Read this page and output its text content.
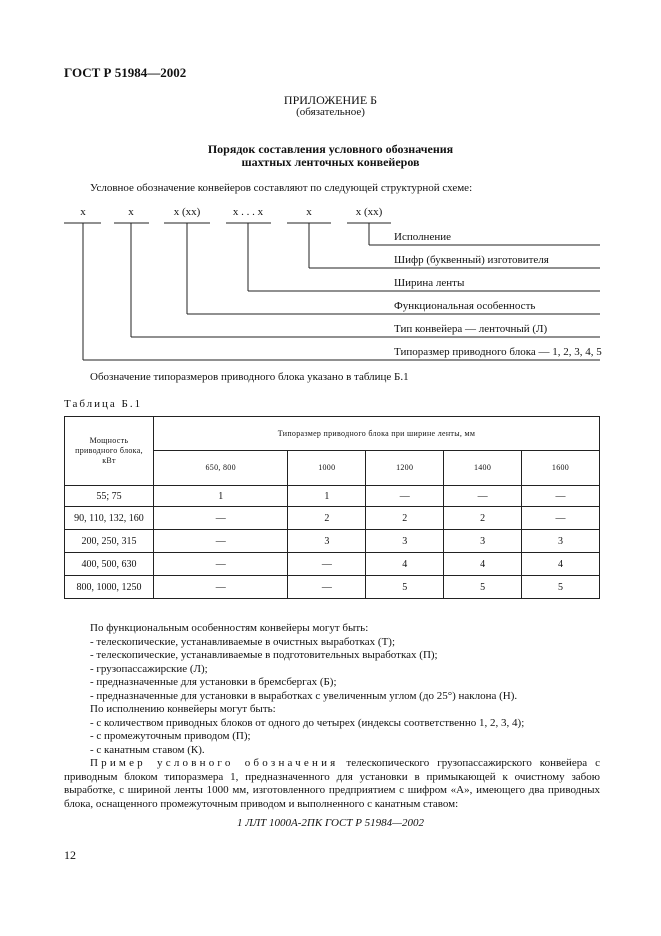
ГОСТ Р 51984—2002
ПРИЛОЖЕНИЕ Б
(обязательное)
Порядок составления условного обозначения
шахтных ленточных конвейеров
Условное обозначение конвейеров составляют по следующей структурной схеме:
х	х	х (хх)	х . . . х	х	х (хх)
Исполнение
Шифр (буквенный) изготовителя
Ширина ленты
Функциональная особенность
Тип конвейера — ленточный (Л)
Типоразмер приводного блока — 1, 2, 3, 4, 5
Обозначение типоразмеров приводного блока указано в таблице Б.1
Таблица Б.1
Мощность
приводного блока,
кВт	Типоразмер приводного блока при ширине ленты, мм				
	650, 800	1000	1200	1400	1600
55; 75	1	1	—	—	—
90, 110, 132, 160	—	2	2	2	—
200, 250, 315	—	3	3	3	3
400, 500, 630	—	—	4	4	4
800, 1000, 1250	—	—	5	5	5
По функциональным особенностям конвейеры могут быть:
- телескопические, устанавливаемые в очистных выработках (Т);
- телескопические, устанавливаемые в подготовительных выработках (П);
- грузопассажирские (Л);
- предназначенные для установки в бремсбергах (Б);
- предназначенные для установки в выработках с увеличенным углом (до 25°) наклона (Н).
По исполнению конвейеры могут быть:
- с количеством приводных блоков от одного до четырех (индексы соответственно 1, 2, 3, 4);
- с промежуточным приводом (П);
- с канатным ставом (К).
Пример условного обозначения телескопического грузопассажирского конвейера с приводным блоком типоразмера 1, предназначенного для установки в примыкающей к очистному забою выработке, с шириной ленты 1000 мм, изготовленного предприятием с шифром «А», имеющего два приводных блока, оснащенного промежуточным приводом и выполненного с канатным ставом:
1 ЛЛТ 1000А-2ПК ГОСТ Р 51984—2002
12
